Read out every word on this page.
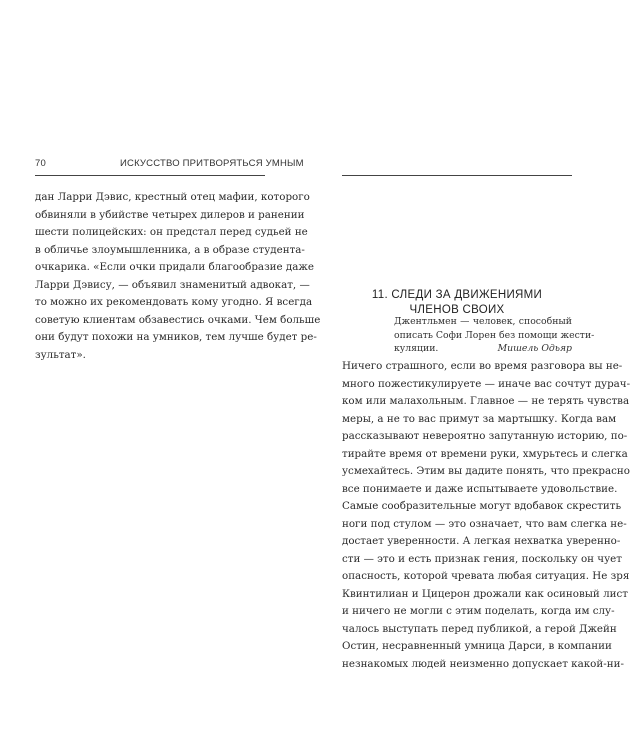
70	ИСКУССТВО ПРИТВОРЯТЬСЯ УМНЫМ
дан Ларри Дэвис, крестный отец мафии, которого
обвиняли в убийстве четырех дилеров и ранении
шести полицейских: он предстал перед судьей не
в обличье злоумышленника, а в образе студента-
очкарика. «Если очки придали благообразие даже
Ларри Дэвису, — объявил знаменитый адвокат, —
то можно их рекомендовать кому угодно. Я всегда
советую клиентам обзавестись очками. Чем больше
они будут похожи на умников, тем лучше будет ре-
зультат».
11. СЛЕДИ ЗА ДВИЖЕНИЯМИ
ЧЛЕНОВ СВОИХ
Джентльмен — человек, способный
описать Софи Лорен без помощи жести-
куляции.	Мишель Одьяр
Ничего страшного, если во время разговора вы не-
много пожестикулируете — иначе вас сочтут дурач-
ком или малахольным. Главное — не терять чувства
меры, а не то вас примут за мартышку. Когда вам
рассказывают невероятно запутанную историю, по-
тирайте время от времени руки, хмурьтесь и слегка
усмехайтесь. Этим вы дадите понять, что прекрасно
все понимаете и даже испытываете удовольствие.
Самые сообразительные могут вдобавок скрестить
ноги под стулом — это означает, что вам слегка не-
достает уверенности. А легкая нехватка уверенно-
сти — это и есть признак гения, поскольку он чует
опасность, которой чревата любая ситуация. Не зря
Квинтилиан и Цицерон дрожали как осиновый лист
и ничего не могли с этим поделать, когда им слу-
чалось выступать перед публикой, а герой Джейн
Остин, несравненный умница Дарси, в компании
незнакомых людей неизменно допускает какой-ни-
